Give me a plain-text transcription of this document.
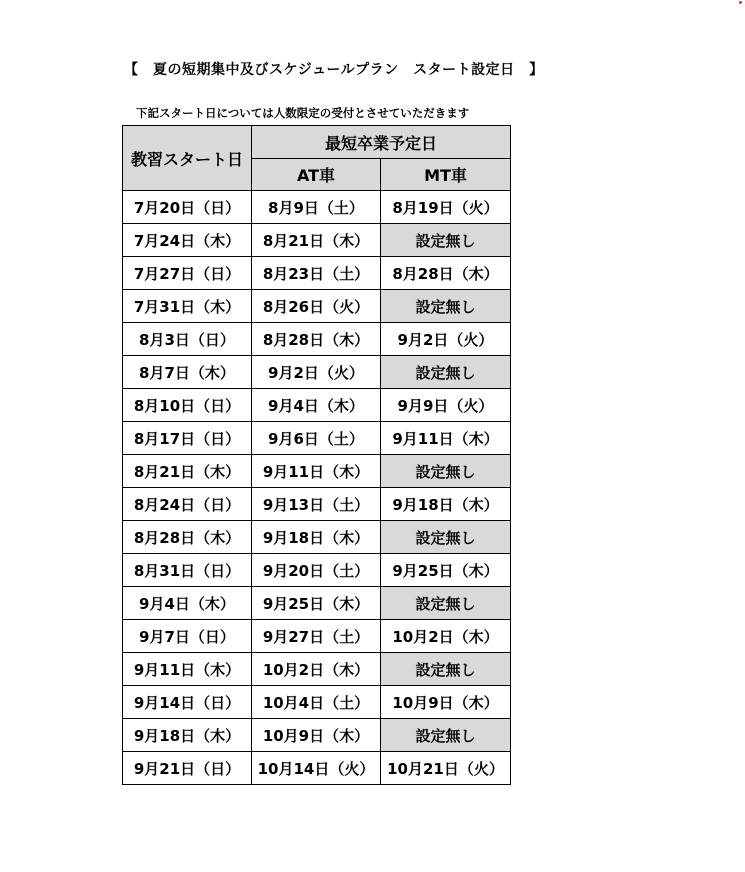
【　夏の短期集中及びスケジュールプラン　スタート設定日　】
下記スタート日については人数限定の受付とさせていただきます
教習スタート日	最短卒業予定日	
	AT車	MT車
7月20日（日）	8月9日（土）	8月19日（火）
7月24日（木）	8月21日（木）	設定無し
7月27日（日）	8月23日（土）	8月28日（木）
7月31日（木）	8月26日（火）	設定無し
8月3日（日）	8月28日（木）	9月2日（火）
8月7日（木）	9月2日（火）	設定無し
8月10日（日）	9月4日（木）	9月9日（火）
8月17日（日）	9月6日（土）	9月11日（木）
8月21日（木）	9月11日（木）	設定無し
8月24日（日）	9月13日（土）	9月18日（木）
8月28日（木）	9月18日（木）	設定無し
8月31日（日）	9月20日（土）	9月25日（木）
9月4日（木）	9月25日（木）	設定無し
9月7日（日）	9月27日（土）	10月2日（木）
9月11日（木）	10月2日（木）	設定無し
9月14日（日）	10月4日（土）	10月9日（木）
9月18日（木）	10月9日（木）	設定無し
9月21日（日）	10月14日（火）	10月21日（火）
